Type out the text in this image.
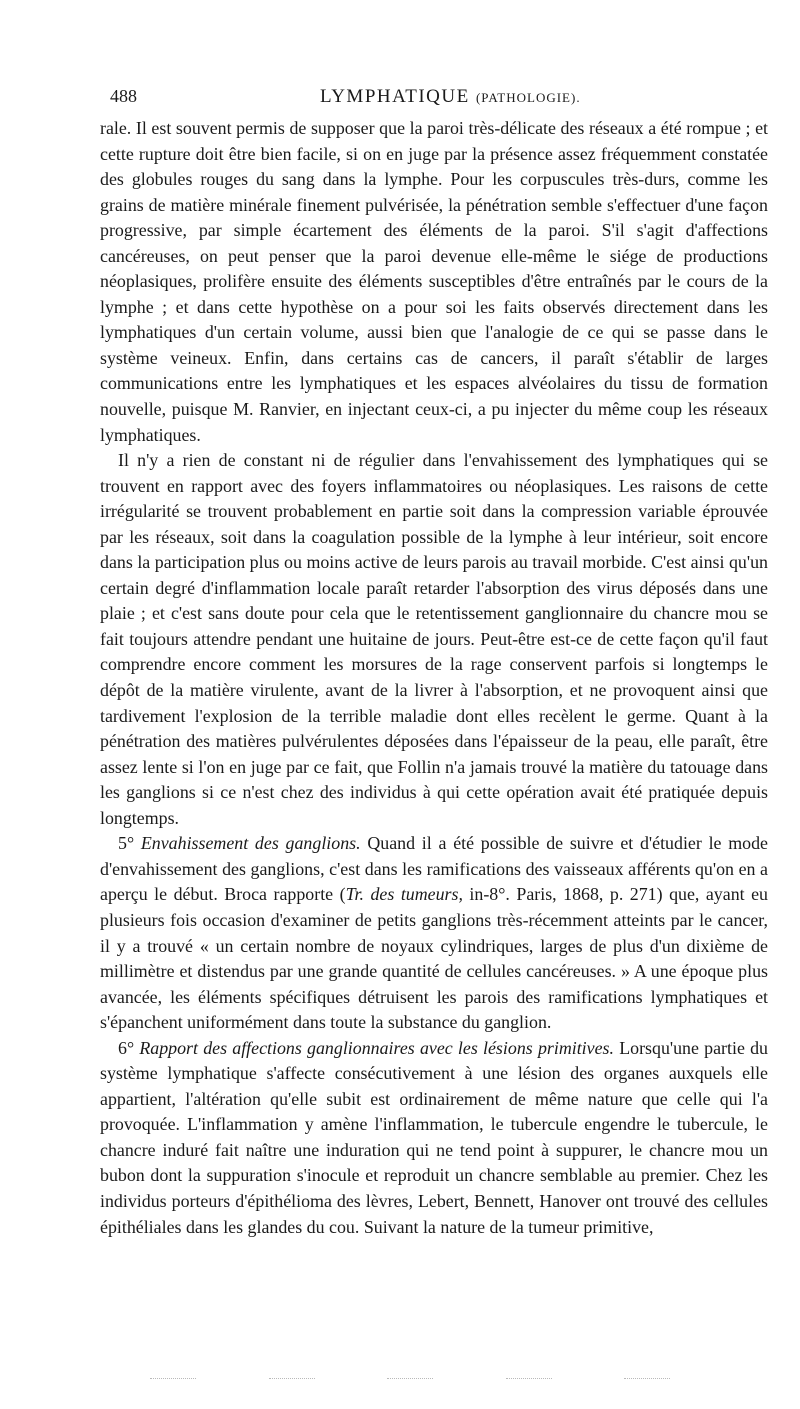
488	LYMPHATIQUE (PATHOLOGIE).

rale. Il est souvent permis de supposer que la paroi très-délicate des réseaux a été rompue ; et cette rupture doit être bien facile, si on en juge par la présence assez fréquemment constatée des globules rouges du sang dans la lymphe. Pour les corpuscules très-durs, comme les grains de matière minérale finement pulvérisée, la pénétration semble s'effectuer d'une façon progressive, par simple écartement des éléments de la paroi. S'il s'agit d'affections cancéreuses, on peut penser que la paroi devenue elle-même le siége de productions néoplasiques, prolifère ensuite des éléments susceptibles d'être entraînés par le cours de la lymphe ; et dans cette hypothèse on a pour soi les faits observés directement dans les lymphatiques d'un certain volume, aussi bien que l'analogie de ce qui se passe dans le système veineux. Enfin, dans certains cas de cancers, il paraît s'établir de larges communications entre les lymphatiques et les espaces alvéolaires du tissu de formation nouvelle, puisque M. Ranvier, en injectant ceux-ci, a pu injecter du même coup les réseaux lymphatiques.

Il n'y a rien de constant ni de régulier dans l'envahissement des lymphatiques qui se trouvent en rapport avec des foyers inflammatoires ou néoplasiques. Les raisons de cette irrégularité se trouvent probablement en partie soit dans la compression variable éprouvée par les réseaux, soit dans la coagulation possible de la lymphe à leur intérieur, soit encore dans la participation plus ou moins active de leurs parois au travail morbide. C'est ainsi qu'un certain degré d'inflammation locale paraît retarder l'absorption des virus déposés dans une plaie ; et c'est sans doute pour cela que le retentissement ganglionnaire du chancre mou se fait toujours attendre pendant une huitaine de jours. Peut-être est-ce de cette façon qu'il faut comprendre encore comment les morsures de la rage conservent parfois si longtemps le dépôt de la matière virulente, avant de la livrer à l'absorption, et ne provoquent ainsi que tardivement l'explosion de la terrible maladie dont elles recèlent le germe. Quant à la pénétration des matières pulvérulentes déposées dans l'épaisseur de la peau, elle paraît, être assez lente si l'on en juge par ce fait, que Follin n'a jamais trouvé la matière du tatouage dans les ganglions si ce n'est chez des individus à qui cette opération avait été pratiquée depuis longtemps.

5° Envahissement des ganglions. Quand il a été possible de suivre et d'étudier le mode d'envahissement des ganglions, c'est dans les ramifications des vaisseaux afférents qu'on en a aperçu le début. Broca rapporte (Tr. des tumeurs, in-8°. Paris, 1868, p. 271) que, ayant eu plusieurs fois occasion d'examiner de petits ganglions très-récemment atteints par le cancer, il y a trouvé « un certain nombre de noyaux cylindriques, larges de plus d'un dixième de millimètre et distendus par une grande quantité de cellules cancéreuses. » A une époque plus avancée, les éléments spécifiques détruisent les parois des ramifications lymphatiques et s'épanchent uniformément dans toute la substance du ganglion.

6° Rapport des affections ganglionnaires avec les lésions primitives. Lorsqu'une partie du système lymphatique s'affecte consécutivement à une lésion des organes auxquels elle appartient, l'altération qu'elle subit est ordinairement de même nature que celle qui l'a provoquée. L'inflammation y amène l'inflammation, le tubercule engendre le tubercule, le chancre induré fait naître une induration qui ne tend point à suppurer, le chancre mou un bubon dont la suppuration s'inocule et reproduit un chancre semblable au premier. Chez les individus porteurs d'épithélioma des lèvres, Lebert, Bennett, Hanover ont trouvé des cellules épithéliales dans les glandes du cou. Suivant la nature de la tumeur primitive,
